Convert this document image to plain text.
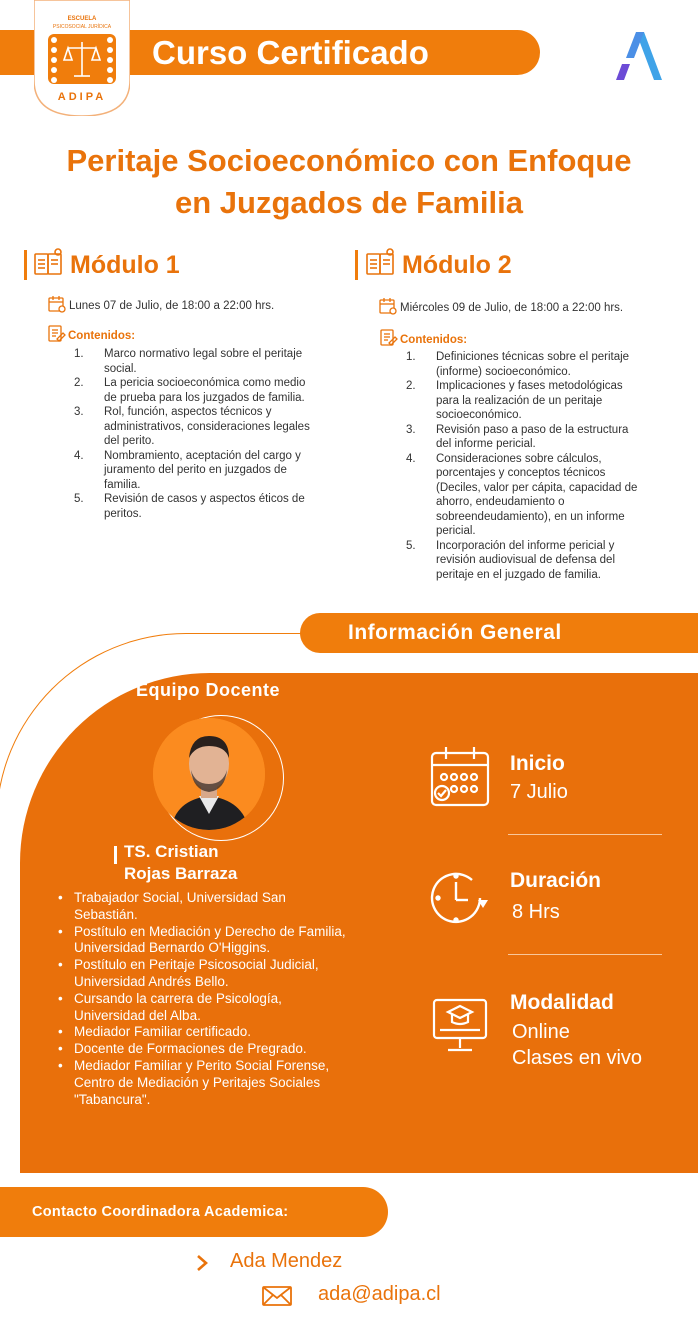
Curso Certificado
ESCUELA
PSICOSOCIAL JURÍDICA
ADIPA
Peritaje Socioeconómico con Enfoque
en Juzgados de Familia
Módulo 1
Lunes 07 de Julio, de 18:00 a 22:00 hrs.
Contenidos:
1.	Marco normativo legal sobre el peritaje
social.
2.	La pericia socioeconómica como medio
de prueba para los juzgados de familia.
3.	Rol, función, aspectos técnicos y
administrativos, consideraciones legales
del perito.
4.	Nombramiento, aceptación del cargo y
juramento del perito en juzgados de
familia.
5.	Revisión de casos y aspectos éticos de
peritos.
Módulo 2
Miércoles 09 de Julio, de 18:00 a 22:00 hrs.
Contenidos:
1.	Definiciones técnicas sobre el peritaje
(informe) socioeconómico.
2.	Implicaciones y fases metodológicas
para la realización de un peritaje
socioeconómico.
3.	Revisión paso a paso de la estructura
del informe pericial.
4.	Consideraciones sobre cálculos,
porcentajes y conceptos técnicos
(Deciles, valor per cápita, capacidad de
ahorro, endeudamiento o
sobreendeudamiento), en un informe
pericial.
5.	Incorporación del informe pericial y
revisión audiovisual de defensa del
peritaje en el juzgado de familia.
Información General
Equipo Docente
TS. Cristian
Rojas Barraza
• Trabajador Social, Universidad San
Sebastián.
• Postítulo en Mediación y Derecho de Familia,
Universidad Bernardo O'Higgins.
• Postítulo en Peritaje Psicosocial Judicial,
Universidad Andrés Bello.
• Cursando la carrera de Psicología,
Universidad del Alba.
• Mediador Familiar certificado.
• Docente de Formaciones de Pregrado.
• Mediador Familiar y Perito Social Forense,
Centro de Mediación y Peritajes Sociales
"Tabancura".
Inicio
7 Julio
Duración
8 Hrs
Modalidad
Online
Clases en vivo
Contacto Coordinadora Academica:
Ada Mendez
ada@adipa.cl
